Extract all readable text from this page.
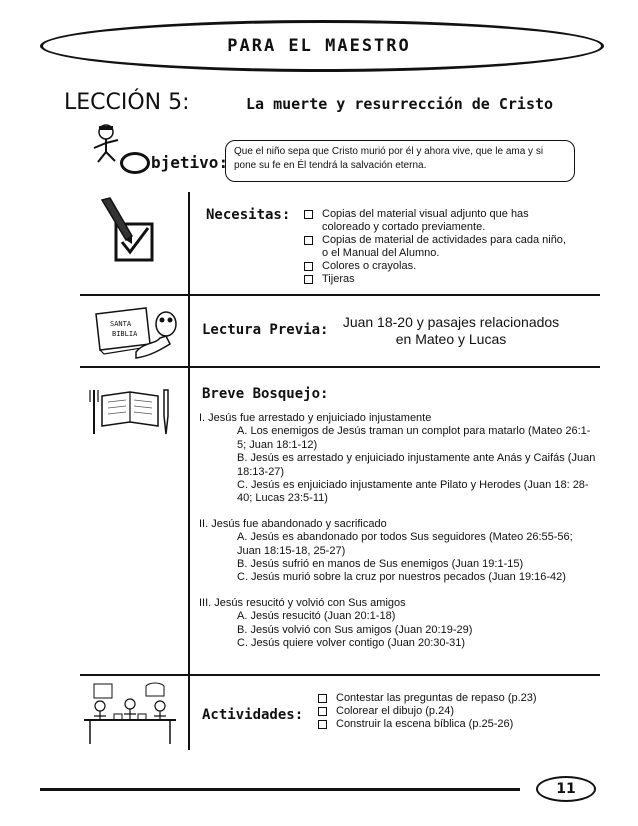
PARA EL MAESTRO
LECCIÓN 5:	La muerte y resurrección de Cristo
bjetivo:
Que el niño sepa que Cristo murió por él y ahora vive, que le ama y si pone su fe en Él tendrá la salvación eterna.
Necesitas:	Copias del material visual adjunto que has coloreado y cortado previamente.
Copias de material de actividades para cada niño, o el Manual del Alumno.
Colores o crayolas.
Tijeras
SANTA
BIBLIA	Lectura Previa:	Juan 18-20 y pasajes relacionados en Mateo y Lucas
Breve Bosquejo:

I. Jesús fue arrestado y enjuiciado injustamente

A. Los enemigos de Jesús traman un complot para matarlo (Mateo 26:1-5; Juan 18:1-12)

B. Jesús es arrestado y enjuiciado injustamente ante Anás y Caifás (Juan 18:13-27)

C. Jesús es enjuiciado injustamente ante Pilato y Herodes (Juan 18: 28-40; Lucas 23:5-11)

II. Jesús fue abandonado y sacrificado

A. Jesús es abandonado por todos Sus seguidores (Mateo 26:55-56; Juan 18:15-18, 25-27)

B. Jesús sufrió en manos de Sus enemigos (Juan 19:1-15)

C. Jesús murió sobre la cruz por nuestros pecados (Juan 19:16-42)

III. Jesús resucitó y volvió con Sus amigos

A. Jesús resucitó (Juan 20:1-18)

B. Jesús volvió con Sus amigos (Juan 20:19-29)

C. Jesús quiere volver contigo (Juan 20:30-31)

Actividades:
Contestar las preguntas de repaso (p.23)
Colorear el dibujo (p.24)
Construir la escena bíblica (p.25-26)
11
